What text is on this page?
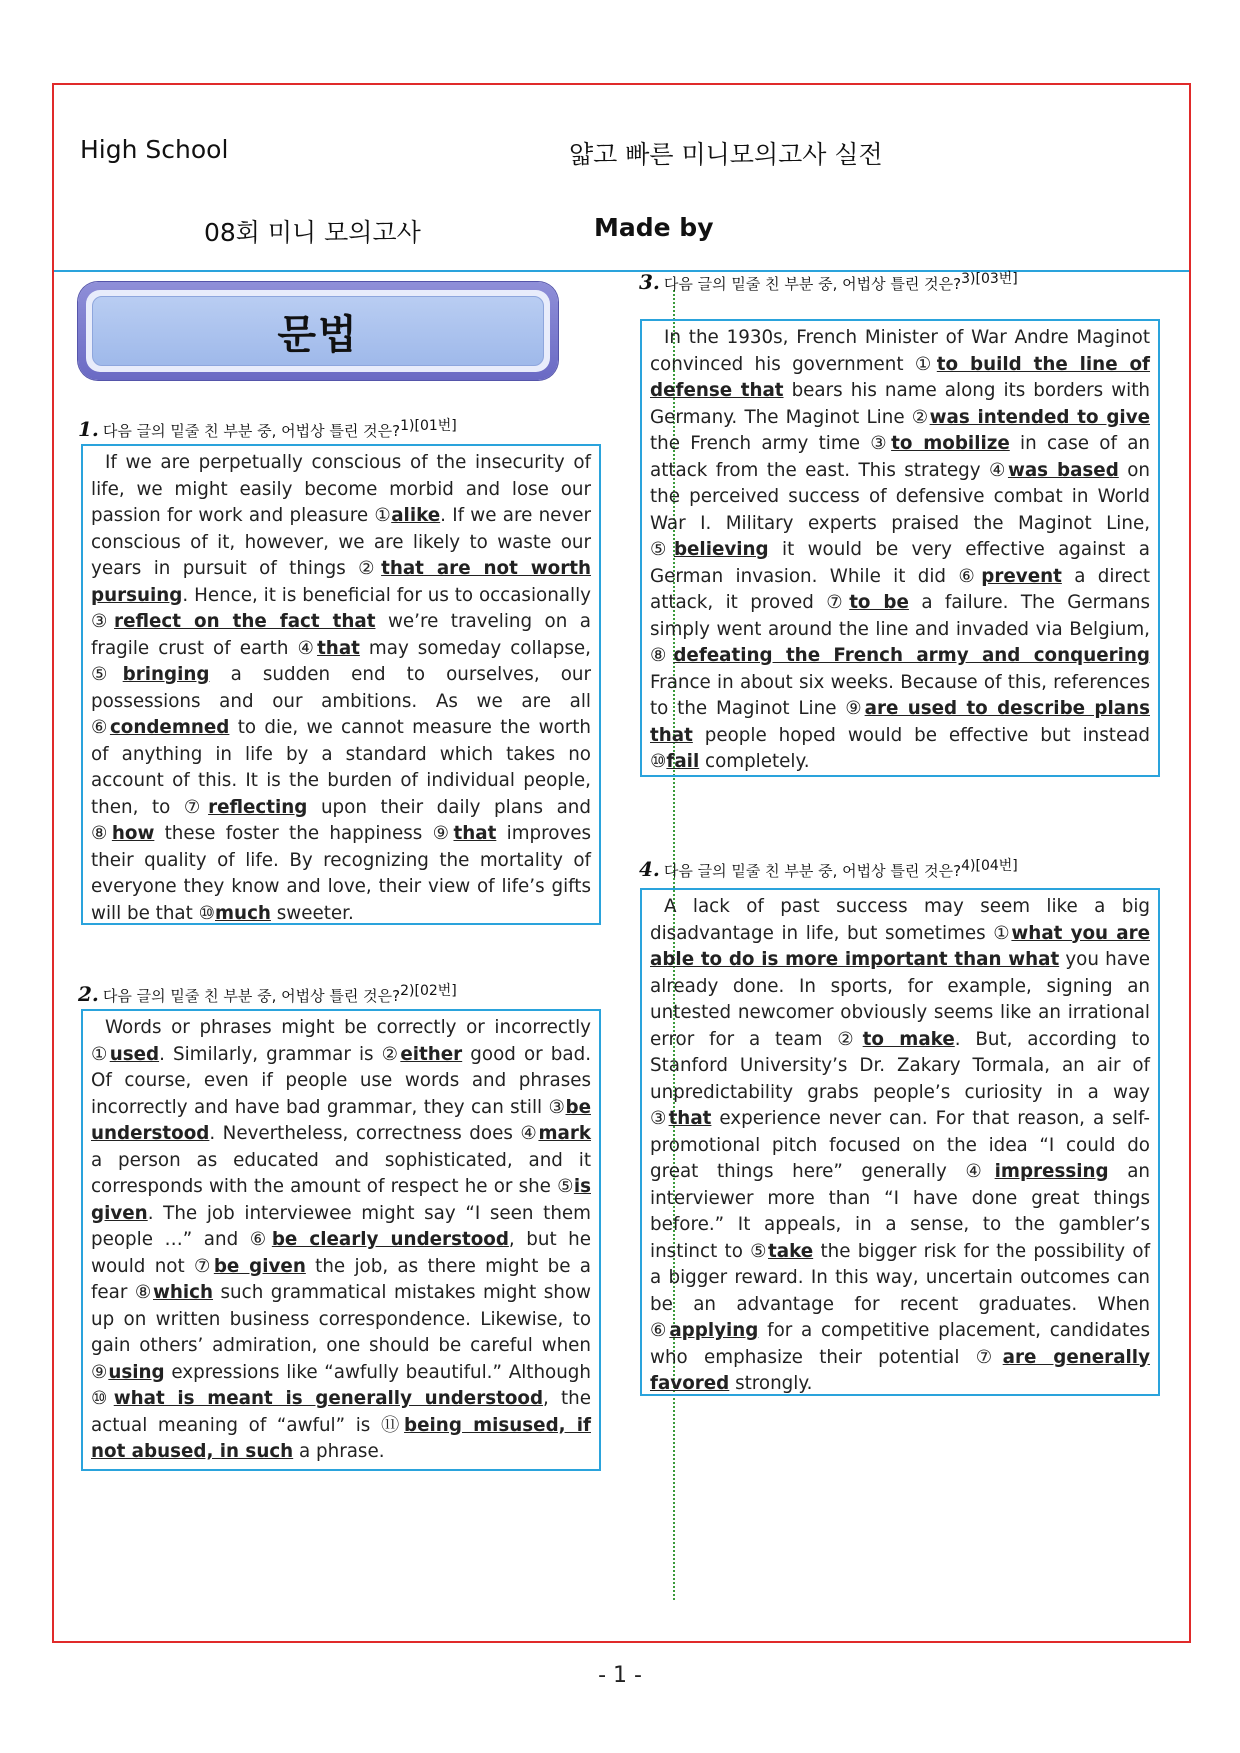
High School	얇고 빠른 미니모의고사 실전
08회 미니 모의고사	Made by
문법
1. 다음 글의 밑줄 친 부분 중, 어법상 틀린 것은?$^{1)[01번]}$

If we are perpetually conscious of the insecurity of life, we might easily become morbid and lose our passion for work and pleasure ①alike. If we are never conscious of it, however, we are likely to waste our years in pursuit of things ②that are not worth pursuing. Hence, it is beneficial for us to occasionally ③reflect on the fact that we’re traveling on a fragile crust of earth ④that may someday collapse, ⑤bringing a sudden end to ourselves, our possessions and our ambitions. As we are all ⑥condemned to die, we cannot measure the worth of anything in life by a standard which takes no account of this. It is the burden of individual people, then, to ⑦reflecting upon their daily plans and ⑧how these foster the happiness ⑨that improves their quality of life. By recognizing the mortality of everyone they know and love, their view of life’s gifts will be that ⑩much sweeter.

2. 다음 글의 밑줄 친 부분 중, 어법상 틀린 것은?$^{2)[02번]}$

Words or phrases might be correctly or incorrectly ①used. Similarly, grammar is ②either good or bad. Of course, even if people use words and phrases incorrectly and have bad grammar, they can still ③be understood. Nevertheless, correctness does ④mark a person as educated and sophisticated, and it corresponds with the amount of respect he or she ⑤is given. The job interviewee might say “I seen them people …” and ⑥be clearly understood, but he would not ⑦be given the job, as there might be a fear ⑧which such grammatical mistakes might show up on written business correspondence. Likewise, to gain others’ admiration, one should be careful when ⑨using expressions like “awfully beautiful.” Although ⑩what is meant is generally understood, the actual meaning of “awful” is ⑪being misused, if not abused, in such a phrase.

3. 다음 글의 밑줄 친 부분 중, 어법상 틀린 것은?$^{3)[03번]}$

In the 1930s, French Minister of War Andre Maginot convinced his government ①to build the line of defense that bears his name along its borders with Germany. The Maginot Line ②was intended to give the French army time ③to mobilize in case of an attack from the east. This strategy ④was based on the perceived success of defensive combat in World War I. Military experts praised the Maginot Line, ⑤believing it would be very effective against a German invasion. While it did ⑥prevent a direct attack, it proved ⑦to be a failure. The Germans simply went around the line and invaded via Belgium, ⑧defeating the French army and conquering France in about six weeks. Because of this, references to the Maginot Line ⑨are used to describe plans that people hoped would be effective but instead ⑩fail completely.

4. 다음 글의 밑줄 친 부분 중, 어법상 틀린 것은?$^{4)[04번]}$

A lack of past success may seem like a big disadvantage in life, but sometimes ①what you are able to do is more important than what you have already done. In sports, for example, signing an untested newcomer obviously seems like an irrational error for a team ②to make. But, according to Stanford University’s Dr. Zakary Tormala, an air of unpredictability grabs people’s curiosity in a way ③that experience never can. For that reason, a self-promotional pitch focused on the idea “I could do great things here” generally ④impressing an interviewer more than “I have done great things before.” It appeals, in a sense, to the gambler’s instinct to ⑤take the bigger risk for the possibility of a bigger reward. In this way, uncertain outcomes can be an advantage for recent graduates. When ⑥applying for a competitive placement, candidates who emphasize their potential ⑦are generally favored strongly.

- 1 -
